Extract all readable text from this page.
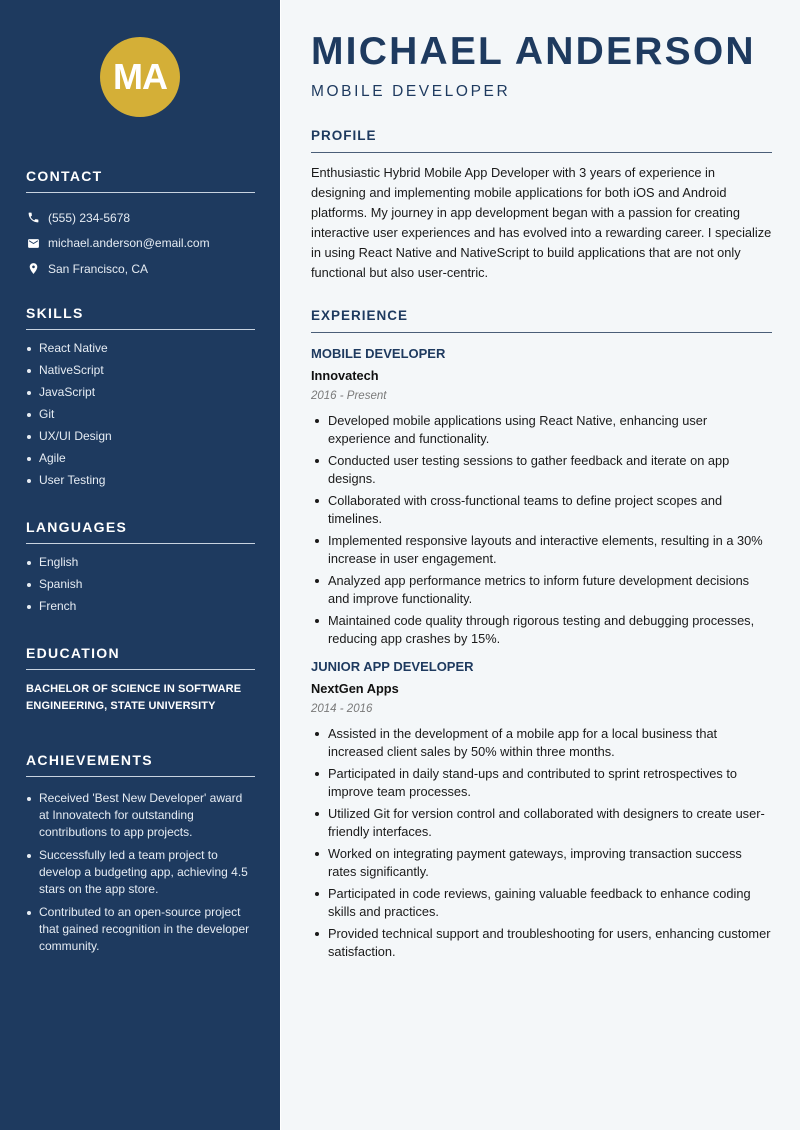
MA
CONTACT
(555) 234-5678
michael.anderson@email.com
San Francisco, CA
SKILLS
React Native
NativeScript
JavaScript
Git
UX/UI Design
Agile
User Testing
LANGUAGES
English
Spanish
French
EDUCATION

BACHELOR OF SCIENCE IN SOFTWARE ENGINEERING, STATE UNIVERSITY

ACHIEVEMENTS
Received 'Best New Developer' award at Innovatech for outstanding contributions to app projects.
Successfully led a team project to develop a budgeting app, achieving 4.5 stars on the app store.
Contributed to an open-source project that gained recognition in the developer community.
MICHAEL ANDERSON
MOBILE DEVELOPER
PROFILE

Enthusiastic Hybrid Mobile App Developer with 3 years of experience in designing and implementing mobile applications for both iOS and Android platforms. My journey in app development began with a passion for creating interactive user experiences and has evolved into a rewarding career. I specialize in using React Native and NativeScript to build applications that are not only functional but also user-centric.

EXPERIENCE
MOBILE DEVELOPER
Innovatech
2016 - Present
Developed mobile applications using React Native, enhancing user experience and functionality.
Conducted user testing sessions to gather feedback and iterate on app designs.
Collaborated with cross-functional teams to define project scopes and timelines.
Implemented responsive layouts and interactive elements, resulting in a 30% increase in user engagement.
Analyzed app performance metrics to inform future development decisions and improve functionality.
Maintained code quality through rigorous testing and debugging processes, reducing app crashes by 15%.
JUNIOR APP DEVELOPER
NextGen Apps
2014 - 2016
Assisted in the development of a mobile app for a local business that increased client sales by 50% within three months.
Participated in daily stand-ups and contributed to sprint retrospectives to improve team processes.
Utilized Git for version control and collaborated with designers to create user-friendly interfaces.
Worked on integrating payment gateways, improving transaction success rates significantly.
Participated in code reviews, gaining valuable feedback to enhance coding skills and practices.
Provided technical support and troubleshooting for users, enhancing customer satisfaction.
